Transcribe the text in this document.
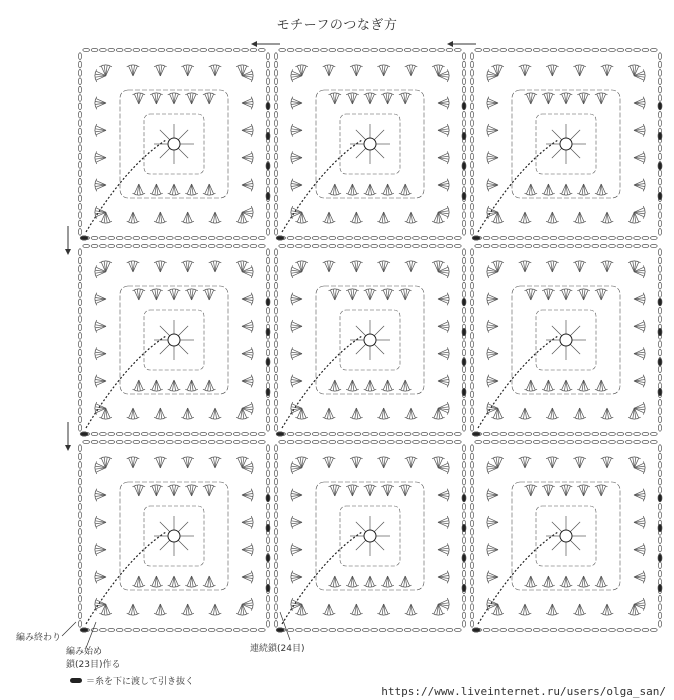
モチーフのつなぎ方
編み終わり
編み始め
鎖(23目)作る
連続鎖(24目)
＝糸を下に渡して引き抜く
https://www.liveinternet.ru/users/olga_san/
